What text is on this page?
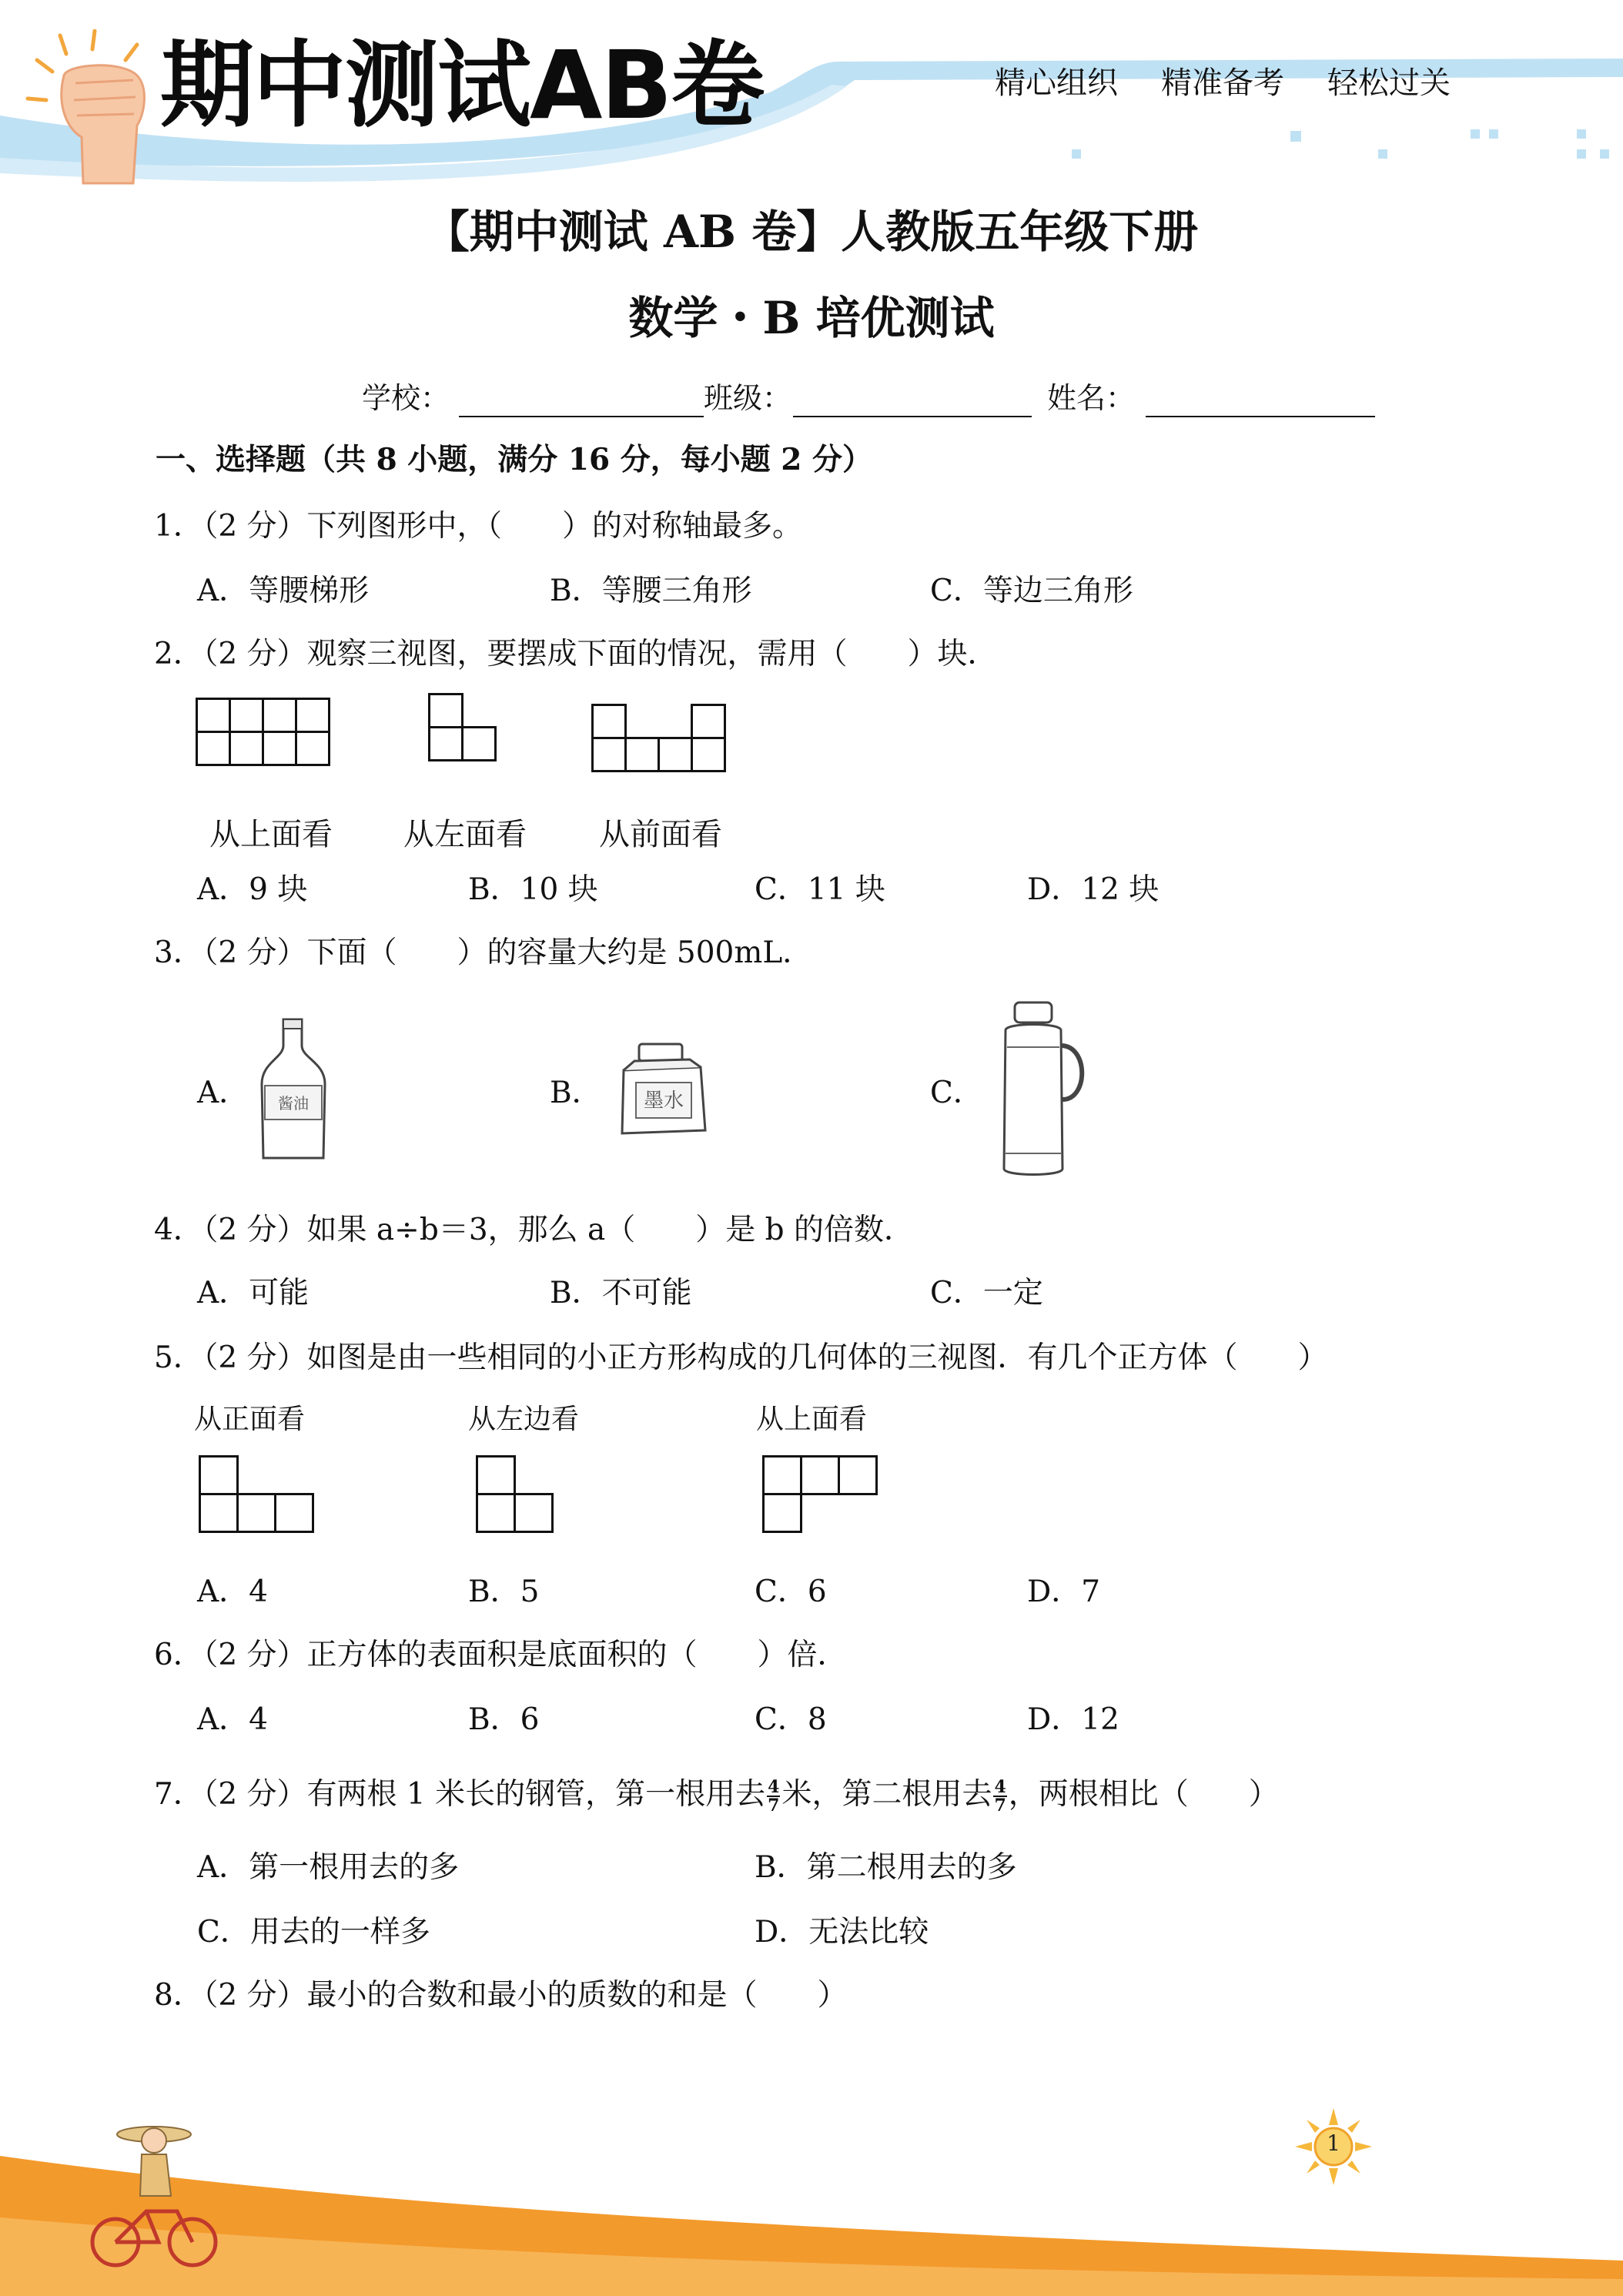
期中测试AB卷	精心组织 精准备考 轻松过关
【期中测试 AB 卷】人教版五年级下册
数学・B 培优测试
学校：	班级：	姓名：
一、选择题（共 8 小题，满分 16 分，每小题 2 分）
1．（2 分）下列图形中，（　　）的对称轴最多。
A．等腰梯形	B．等腰三角形	C．等边三角形
2．（2 分）观察三视图，要摆成下面的情况，需用（　　）块．
从上面看 从左面看 从前面看
A．9 块	B．10 块	C．11 块	D．12 块
3．（2 分）下面（　　）的容量大约是 500mL．
A． 酱油	B． 墨水	C．
4．（2 分）如果 a÷b＝3，那么 a（　　）是 b 的倍数．
A．可能	B．不可能	C．一定
5．（2 分）如图是由一些相同的小正方形构成的几何体的三视图．有几个正方体（　　）
从正面看	从左边看	从上面看
A．4	B．5	C．6	D．7
6．（2 分）正方体的表面积是底面积的（　　）倍．
A．4	B．6	C．8	D．12
7．（2 分）有两根 1 米长的钢管，第一根用去 $\frac{4}{7}$ 米，第二根用去 $\frac{4}{7}$ ，两根相比（　　）
A．第一根用去的多	B．第二根用去的多
C．用去的一样多	D．无法比较
8．（2 分）最小的合数和最小的质数的和是（　　）
1
